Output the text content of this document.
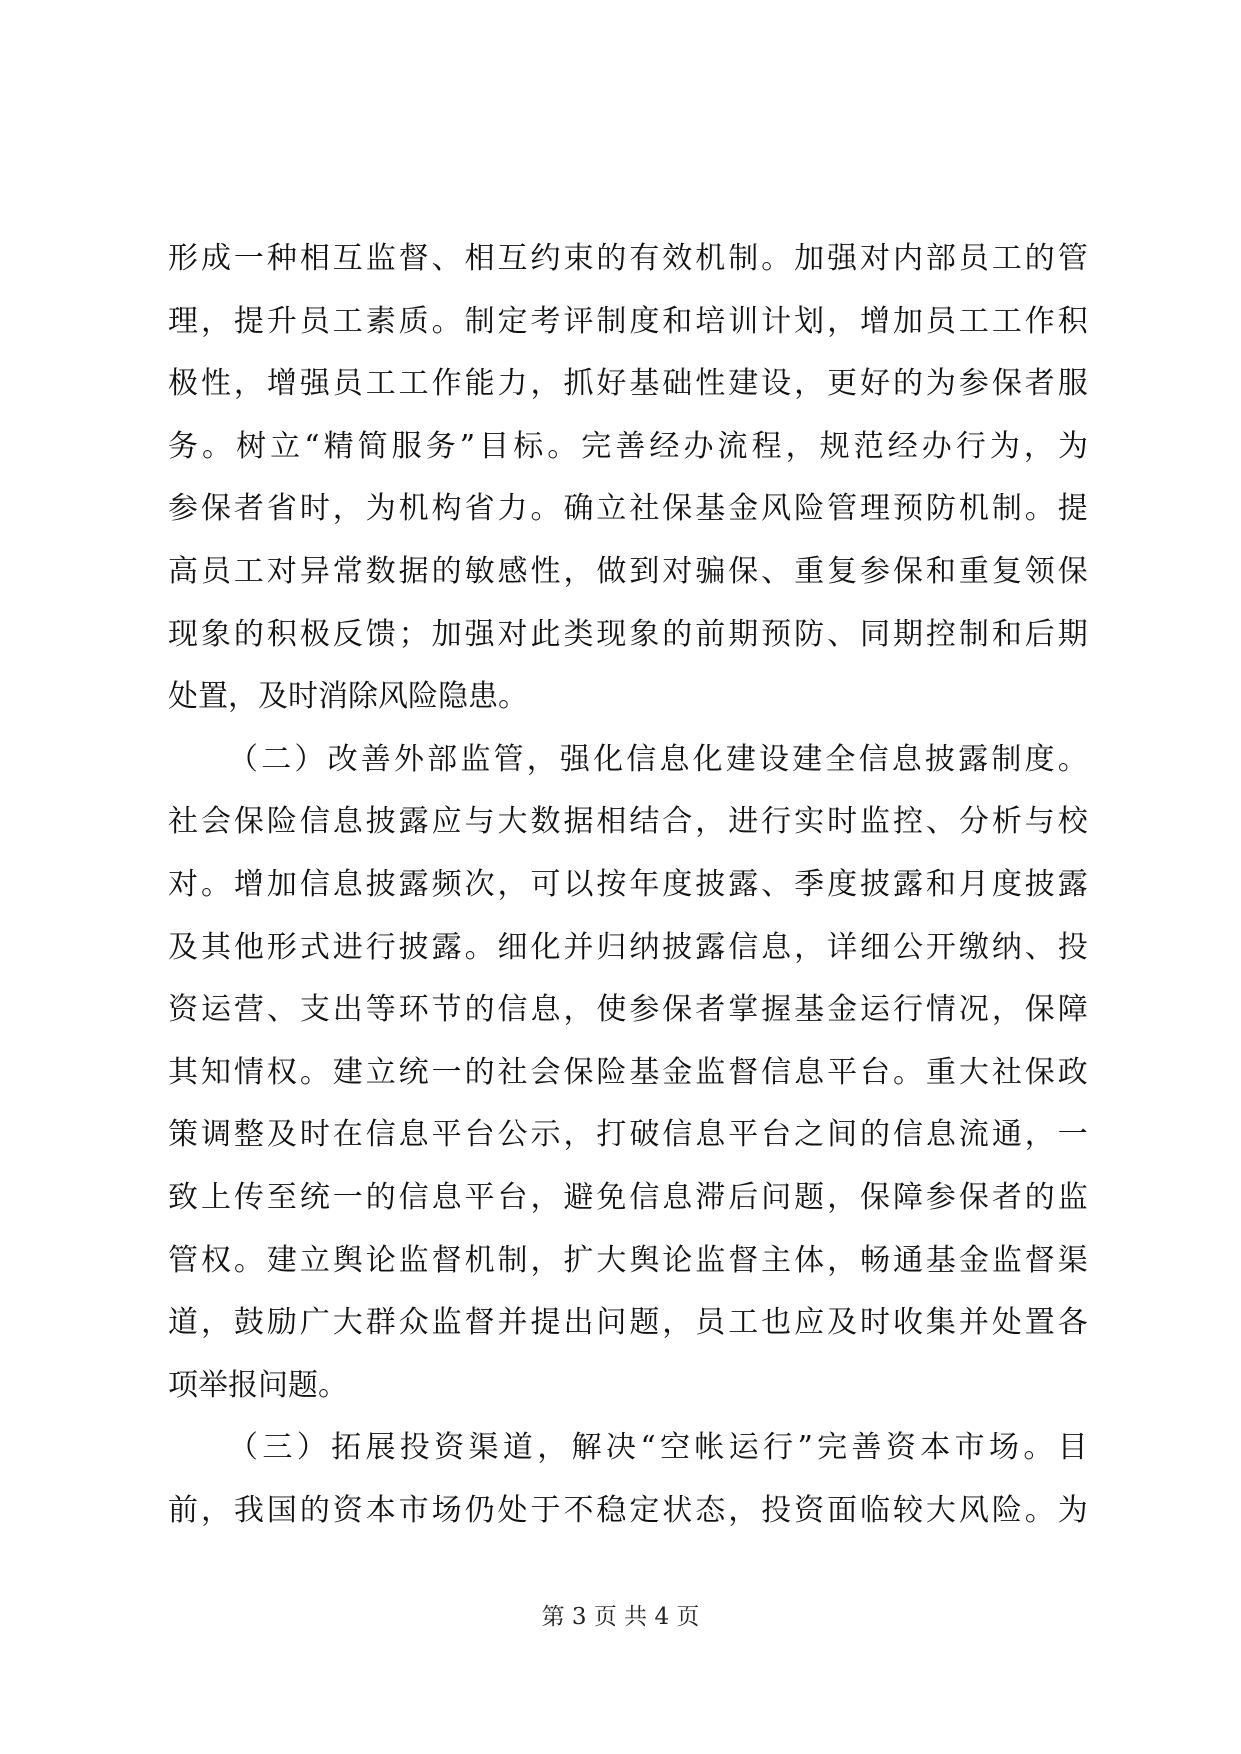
形 成 一 种 相 互 监 督 、 相 互 约 束 的 有 效 机 制 。 加 强 对 内 部 员 工 的 管
理 ， 提 升 员 工 素 质 。 制 定 考 评 制 度 和 培 训 计 划 ， 增 加 员 工 工 作 积
极 性 ， 增 强 员 工 工 作 能 力 ， 抓 好 基 础 性 建 设 ， 更 好 的 为 参 保 者 服
务 。 树 立 “ 精 简 服 务 ” 目 标 。 完 善 经 办 流 程 ， 规 范 经 办 行 为 ， 为
参 保 者 省 时 ， 为 机 构 省 力 。 确 立 社 保 基 金 风 险 管 理 预 防 机 制 。 提
高 员 工 对 异 常 数 据 的 敏 感 性 ， 做 到 对 骗 保 、 重 复 参 保 和 重 复 领 保
现 象 的 积 极 反 馈 ； 加 强 对 此 类 现 象 的 前 期 预 防 、 同 期 控 制 和 后 期
处置，及时消除风险隐患。
（ 二 ） 改 善 外 部 监 管 ， 强 化 信 息 化 建 设 建 全 信 息 披 露 制 度 。
社 会 保 险 信 息 披 露 应 与 大 数 据 相 结 合 ， 进 行 实 时 监 控 、 分 析 与 校
对 。 增 加 信 息 披 露 频 次 ， 可 以 按 年 度 披 露 、 季 度 披 露 和 月 度 披 露
及 其 他 形 式 进 行 披 露 。 细 化 并 归 纳 披 露 信 息 ， 详 细 公 开 缴 纳 、 投
资 运 营 、 支 出 等 环 节 的 信 息 ， 使 参 保 者 掌 握 基 金 运 行 情 况 ， 保 障
其 知 情 权 。 建 立 统 一 的 社 会 保 险 基 金 监 督 信 息 平 台 。 重 大 社 保 政
策 调 整 及 时 在 信 息 平 台 公 示 ， 打 破 信 息 平 台 之 间 的 信 息 流 通 ， 一
致 上 传 至 统 一 的 信 息 平 台 ， 避 免 信 息 滞 后 问 题 ， 保 障 参 保 者 的 监
管 权 。 建 立 舆 论 监 督 机 制 ， 扩 大 舆 论 监 督 主 体 ， 畅 通 基 金 监 督 渠
道 ， 鼓 励 广 大 群 众 监 督 并 提 出 问 题 ， 员 工 也 应 及 时 收 集 并 处 置 各
项举报问题。
（ 三 ） 拓 展 投 资 渠 道 ， 解 决 “ 空 帐 运 行 ” 完 善 资 本 市 场 。 目
前 ， 我 国 的 资 本 市 场 仍 处 于 不 稳 定 状 态 ， 投 资 面 临 较 大 风 险 。 为
第 3 页 共 4 页
